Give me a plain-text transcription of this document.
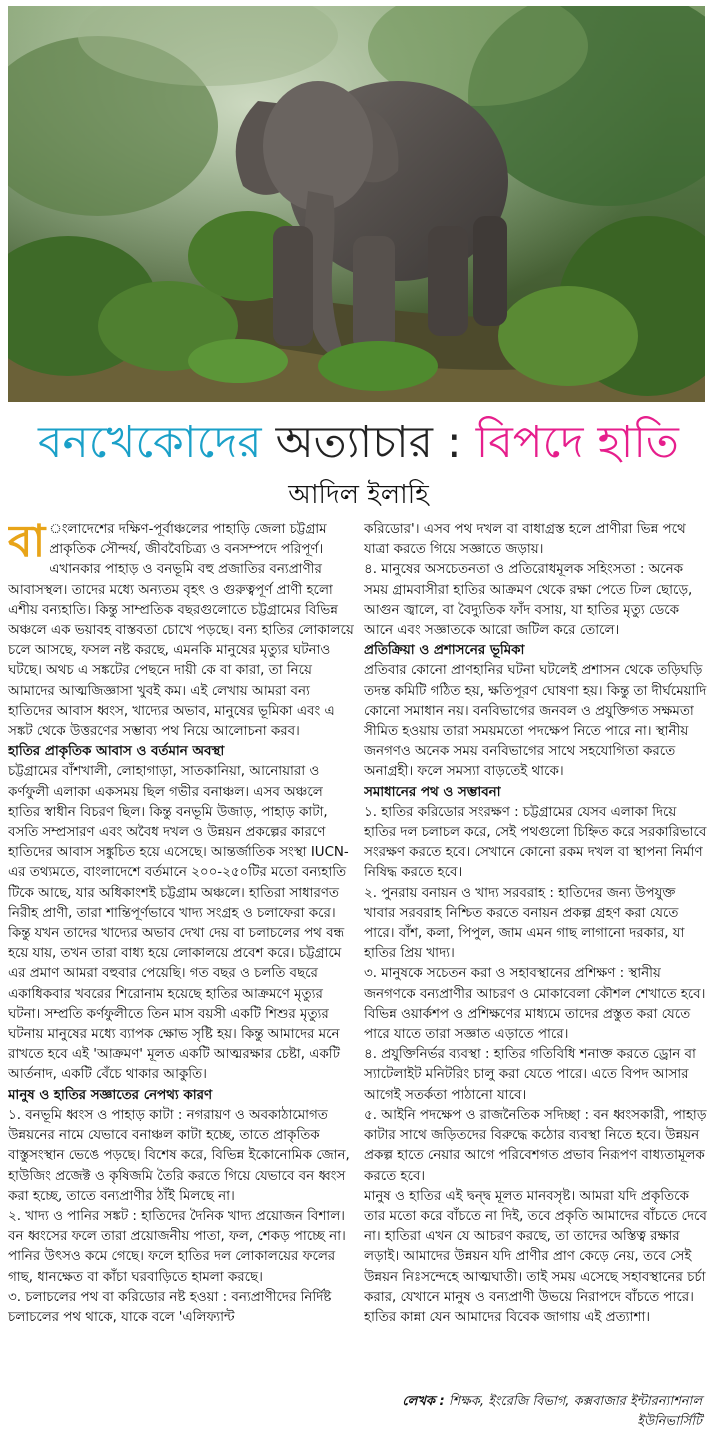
বনখেকোদের অত্যাচার : বিপদে হাতি
আদিল ইলাহি

বা ংলাদেশের দক্ষিণ-পূর্বাঞ্চলের পাহাড়ি জেলা চট্টগ্রাম প্রাকৃতিক সৌন্দর্য, জীববৈচিত্র্য ও বনসম্পদে পরিপূর্ণ। এখানকার পাহাড় ও বনভূমি বহু প্রজাতির বন্যপ্রাণীর আবাসস্থল। তাদের মধ্যে অন্যতম বৃহৎ ও গুরুত্বপূর্ণ প্রাণী হলো এশীয় বন্যহাতি। কিন্তু সাম্প্রতিক বছরগুলোতে চট্টগ্রামের বিভিন্ন অঞ্চলে এক ভয়াবহ বাস্তবতা চোখে পড়ছে। বন্য হাতির লোকালয়ে চলে আসছে, ফসল নষ্ট করছে, এমনকি মানুষের মৃত্যুর ঘটনাও ঘটছে। অথচ এ সঙ্কটের পেছনে দায়ী কে বা কারা, তা নিয়ে আমাদের আত্মজিজ্ঞাসা খুবই কম। এই লেখায় আমরা বন্য হাতিদের আবাস ধ্বংস, খাদ্যের অভাব, মানুষের ভূমিকা এবং এ সঙ্কট থেকে উত্তরণের সম্ভাব্য পথ নিয়ে আলোচনা করব।

হাতির প্রাকৃতিক আবাস ও বর্তমান অবস্থা

চট্টগ্রামের বাঁশখালী, লোহাগাড়া, সাতকানিয়া, আনোয়ারা ও কর্ণফুলী এলাকা একসময় ছিল গভীর বনাঞ্চল। এসব অঞ্চলে হাতির স্বাধীন বিচরণ ছিল। কিন্তু বনভূমি উজাড়, পাহাড় কাটা, বসতি সম্প্রসারণ এবং অবৈধ দখল ও উন্নয়ন প্রকল্পের কারণে হাতিদের আবাস সঙ্কুচিত হয়ে এসেছে। আন্তর্জাতিক সংস্থা IUCN-এর তথ্যমতে, বাংলাদেশে বর্তমানে ২০০-২৫০টির মতো বন্যহাতি টিকে আছে, যার অধিকাংশই চট্টগ্রাম অঞ্চলে। হাতিরা সাধারণত নিরীহ প্রাণী, তারা শান্তিপূর্ণভাবে খাদ্য সংগ্রহ ও চলাফেরা করে। কিন্তু যখন তাদের খাদ্যের অভাব দেখা দেয় বা চলাচলের পথ বন্ধ হয়ে যায়, তখন তারা বাধ্য হয়ে লোকালয়ে প্রবেশ করে। চট্টগ্রামে এর প্রমাণ আমরা বহুবার পেয়েছি। গত বছর ও চলতি বছরে একাধিকবার খবরের শিরোনাম হয়েছে হাতির আক্রমণে মৃত্যুর ঘটনা। সম্প্রতি কর্ণফুলীতে তিন মাস বয়সী একটি শিশুর মৃত্যুর ঘটনায় মানুষের মধ্যে ব্যাপক ক্ষোভ সৃষ্টি হয়। কিন্তু আমাদের মনে রাখতে হবে এই 'আক্রমণ' মূলত একটি আত্মরক্ষার চেষ্টা, একটি আর্তনাদ, একটি বেঁচে থাকার আকুতি।

মানুষ ও হাতির সজ্ঞাতের নেপথ্য কারণ

১. বনভূমি ধ্বংস ও পাহাড় কাটা : নগরায়ণ ও অবকাঠামোগত উন্নয়নের নামে যেভাবে বনাঞ্চল কাটা হচ্ছে, তাতে প্রাকৃতিক বাস্তুসংস্থান ভেঙে পড়ছে। বিশেষ করে, বিভিন্ন ইকোনোমিক জোন, হাউজিং প্রজেক্ট ও কৃষিজমি তৈরি করতে গিয়ে যেভাবে বন ধ্বংস করা হচ্ছে, তাতে বন্যপ্রাণীর ঠাঁই মিলছে না।

২. খাদ্য ও পানির সঙ্কট : হাতিদের দৈনিক খাদ্য প্রয়োজন বিশাল। বন ধ্বংসের ফলে তারা প্রয়োজনীয় পাতা, ফল, শেকড় পাচ্ছে না। পানির উৎসও কমে গেছে। ফলে হাতির দল লোকালয়ের ফলের গাছ, ধানক্ষেত বা কাঁচা ঘরবাড়িতে হামলা করছে।

৩. চলাচলের পথ বা করিডোর নষ্ট হওয়া : বন্যপ্রাণীদের নির্দিষ্ট চলাচলের পথ থাকে, যাকে বলে 'এলিফ্যান্ট

করিডোর'। এসব পথ দখল বা বাধাগ্রস্ত হলে প্রাণীরা ভিন্ন পথে যাত্রা করতে গিয়ে সজ্ঞাতে জড়ায়।

৪. মানুষের অসচেতনতা ও প্রতিরোধমূলক সহিংসতা : অনেক সময় গ্রামবাসীরা হাতির আক্রমণ থেকে রক্ষা পেতে ঢিল ছোড়ে, আগুন জ্বালে, বা বৈদ্যুতিক ফাঁদ বসায়, যা হাতির মৃত্যু ডেকে আনে এবং সজ্ঞাতকে আরো জটিল করে তোলে।

প্রতিক্রিয়া ও প্রশাসনের ভূমিকা

প্রতিবার কোনো প্রাণহানির ঘটনা ঘটলেই প্রশাসন থেকে তড়িঘড়ি তদন্ত কমিটি গঠিত হয়, ক্ষতিপূরণ ঘোষণা হয়। কিন্তু তা দীর্ঘমেয়াদি কোনো সমাধান নয়। বনবিভাগের জনবল ও প্রযুক্তিগত সক্ষমতা সীমিত হওয়ায় তারা সময়মতো পদক্ষেপ নিতে পারে না। স্থানীয় জনগণও অনেক সময় বনবিভাগের সাথে সহযোগিতা করতে অনাগ্রহী। ফলে সমস্যা বাড়তেই থাকে।

সমাধানের পথ ও সম্ভাবনা

১. হাতির করিডোর সংরক্ষণ : চট্টগ্রামের যেসব এলাকা দিয়ে হাতির দল চলাচল করে, সেই পথগুলো চিহ্নিত করে সরকারিভাবে সংরক্ষণ করতে হবে। সেখানে কোনো রকম দখল বা স্থাপনা নির্মাণ নিষিদ্ধ করতে হবে।

২. পুনরায় বনায়ন ও খাদ্য সরবরাহ : হাতিদের জন্য উপযুক্ত খাবার সরবরাহ নিশ্চিত করতে বনায়ন প্রকল্প গ্রহণ করা যেতে পারে। বাঁশ, কলা, পিপুল, জাম এমন গাছ লাগানো দরকার, যা হাতির প্রিয় খাদ্য।

৩. মানুষকে সচেতন করা ও সহাবস্থানের প্রশিক্ষণ : স্থানীয় জনগণকে বন্যপ্রাণীর আচরণ ও মোকাবেলা কৌশল শেখাতে হবে। বিভিন্ন ওয়ার্কশপ ও প্রশিক্ষণের মাধ্যমে তাদের প্রস্তুত করা যেতে পারে যাতে তারা সজ্ঞাত এড়াতে পারে।

৪. প্রযুক্তিনির্ভর ব্যবস্থা : হাতির গতিবিধি শনাক্ত করতে ড্রোন বা স্যাটেলাইট মনিটরিং চালু করা যেতে পারে। এতে বিপদ আসার আগেই সতর্কতা পাঠানো যাবে।

৫. আইনি পদক্ষেপ ও রাজনৈতিক সদিচ্ছা : বন ধ্বংসকারী, পাহাড় কাটার সাথে জড়িতদের বিরুদ্ধে কঠোর ব্যবস্থা নিতে হবে। উন্নয়ন প্রকল্প হাতে নেয়ার আগে পরিবেশগত প্রভাব নিরূপণ বাধ্যতামূলক করতে হবে।

মানুষ ও হাতির এই দ্বন্দ্ব মূলত মানবসৃষ্ট। আমরা যদি প্রকৃতিকে তার মতো করে বাঁচতে না দিই, তবে প্রকৃতি আমাদের বাঁচতে দেবে না। হাতিরা এখন যে আচরণ করছে, তা তাদের অস্তিত্ব রক্ষার লড়াই। আমাদের উন্নয়ন যদি প্রাণীর প্রাণ কেড়ে নেয়, তবে সেই উন্নয়ন নিঃসন্দেহে আত্মঘাতী। তাই সময় এসেছে সহাবস্থানের চর্চা করার, যেখানে মানুষ ও বন্যপ্রাণী উভয়ে নিরাপদে বাঁচতে পারে। হাতির কান্না যেন আমাদের বিবেক জাগায় এই প্রত্যাশা।

লেখক : শিক্ষক, ইংরেজি বিভাগ, কক্সবাজার ইন্টারন্যাশনাল ইউনিভার্সিটি
